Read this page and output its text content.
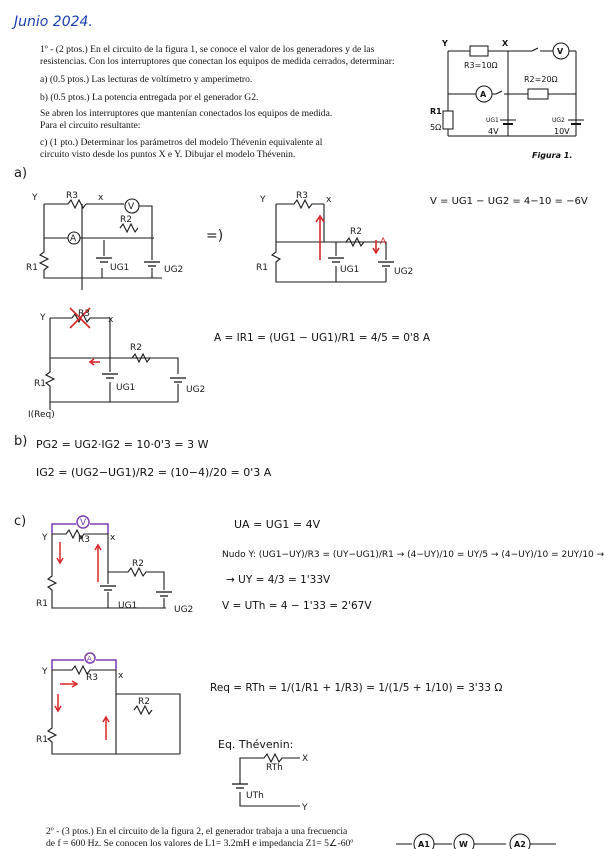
Junio 2024.
1º - (2 ptos.) En el circuito de la figura 1, se conoce el valor de los generadores y de las
resistencias. Con los interruptores que conectan los equipos de medida cerrados, determinar:
a) (0.5 ptos.) Las lecturas de voltímetro y amperímetro.
b) (0.5 ptos.) La potencia entregada por el generador G2.
Se abren los interruptores que mantenían conectados los equipos de medida.
Para el circuito resultante:
c) (1 pto.) Determinar los parámetros del modelo Thévenin equivalente al
circuito visto desde los puntos X e Y. Dibujar el modelo Thévenin.
Y	X
R3=10Ω
R2=20Ω
R1
5Ω
UG1
4V
UG2
10V
V
A
Figura 1.
a)
Y	x
R3
R2
R1	UG1	UG2
V
A	=)
Y	x
R3
R2
R1	UG1	UG2
A
V = UG1 − UG2 = 4−10 = −6V
Y	x
R3
R2
R1	UG1	UG2
I(Req)
A = IR1 = (UG1 − UG1)/R1 = 4/5 = 0'8 A
b) PG2 = UG2·IG2 = 10·0'3 = 3 W
IG2 = (UG2−UG1)/R2 = (10−4)/20 = 0'3 A
c)
Y	x
R3
R2
R1	UG1	UG2
V	UA = UG1 = 4V
Nudo Y: (UG1−UY)/R3 = (UY−UG1)/R1 → (4−UY)/10 = UY/5 → (4−UY)/10 = 2UY/10 →
→ UY = 4/3 = 1'33V
V = UTh = 4 − 1'33 = 2'67V
Y	x
R3
R2
R1
A
Req = RTh = 1/(1/R1 + 1/R3) = 1/(1/5 + 1/10) = 3'33 Ω
Eq. Thévenin:
RTh
UTh
X
Y
2º - (3 ptos.) En el circuito de la figura 2, el generador trabaja a una frecuencia
de f = 600 Hz. Se conocen los valores de L1= 3.2mH e impedancia Z1= 5∠-60º	A1	W	A2
